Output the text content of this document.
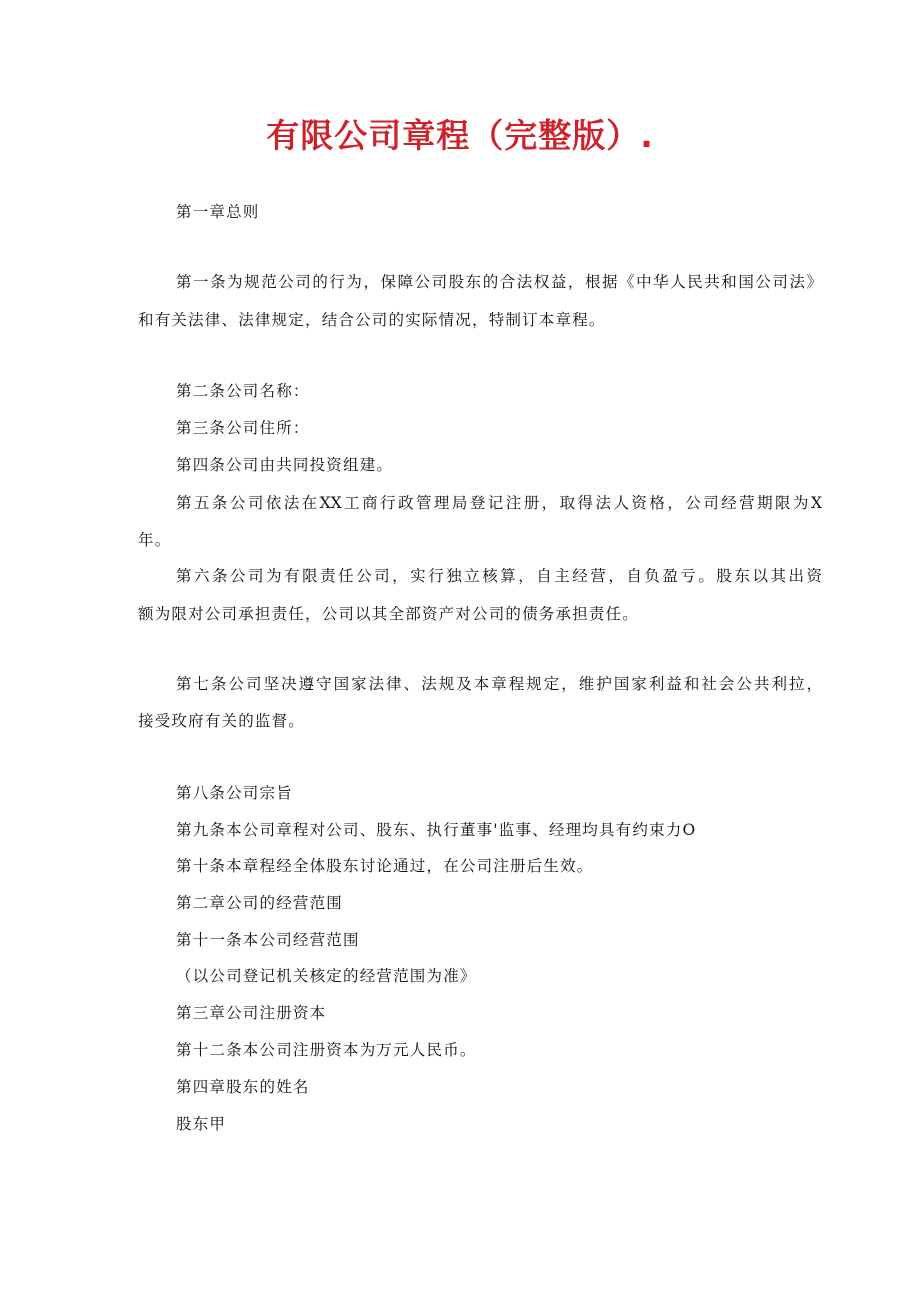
有限公司章程（完整版）.

第一章总则

第一条为规范公司的行为，保障公司股东的合法权益，根据《中华人民共和国公司法》

和有关法律、法律规定，结合公司的实际情况，特制订本章程。

第二条公司名称：

第三条公司住所：

第四条公司由共同投资组建。

第五条公司依法在XX工商行政管理局登记注册，取得法人资格，公司经营期限为X

年。

第六条公司为有限责任公司，实行独立核算，自主经营，自负盈亏。股东以其出资

额为限对公司承担责任，公司以其全部资产对公司的债务承担责任。

第七条公司坚决遵守国家法律、法规及本章程规定，维护国家利益和社会公共利拉，

接受玫府有关的监督。

第八条公司宗旨

第九条本公司章程对公司、股东、执行董事'监事、经理均具有约束力O

第十条本章程经全体股东讨论通过，在公司注册后生效。

第二章公司的经营范围

第十一条本公司经营范围

（以公司登记机关核定的经营范围为准》

第三章公司注册资本

第十二条本公司注册资本为万元人民币。

第四章股东的姓名

股东甲
